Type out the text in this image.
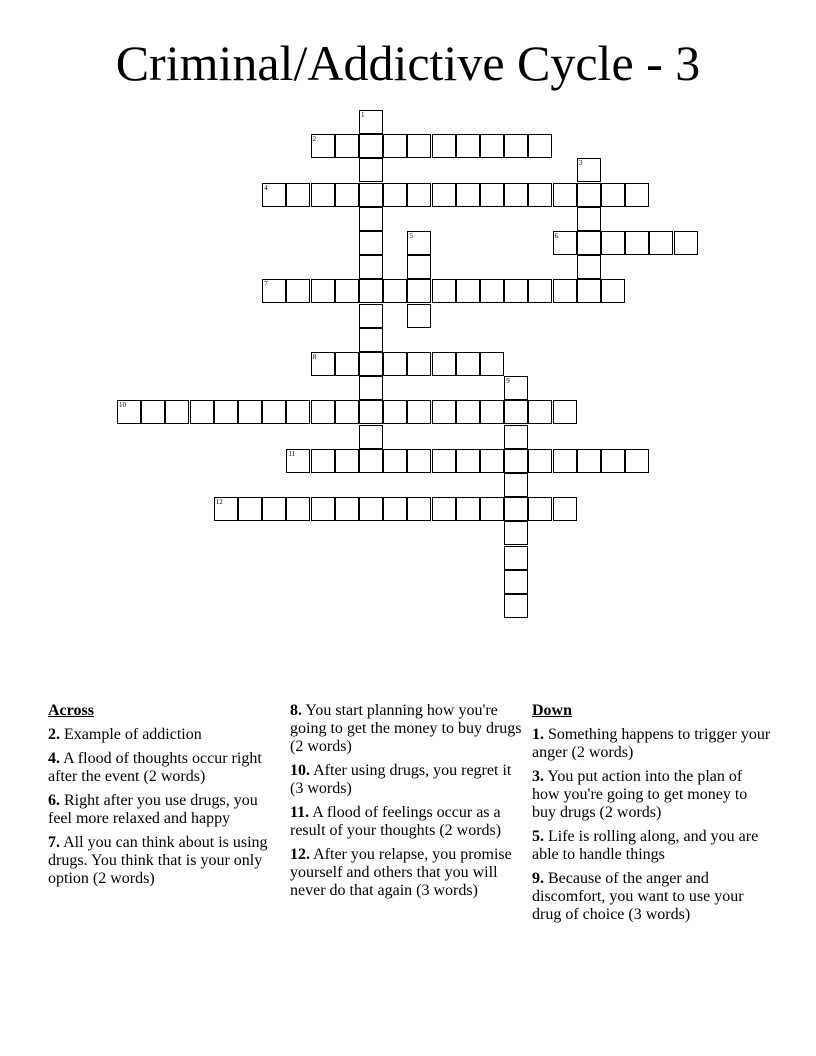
Criminal/Addictive Cycle - 3
1
2
3
4
5	6
7
8
9
10
11
12
Across
2. Example of addiction
4. A flood of thoughts occur right after the event (2 words)
6. Right after you use drugs, you feel more relaxed and happy
7. All you can think about is using drugs. You think that is your only option (2 words)
8. You start planning how you're going to get the money to buy drugs (2 words)
10. After using drugs, you regret it (3 words)
11. A flood of feelings occur as a result of your thoughts (2 words)
12. After you relapse, you promise yourself and others that you will never do that again (3 words)
Down
1. Something happens to trigger your anger (2 words)
3. You put action into the plan of how you're going to get money to buy drugs (2 words)
5. Life is rolling along, and you are able to handle things
9. Because of the anger and discomfort, you want to use your drug of choice (3 words)
